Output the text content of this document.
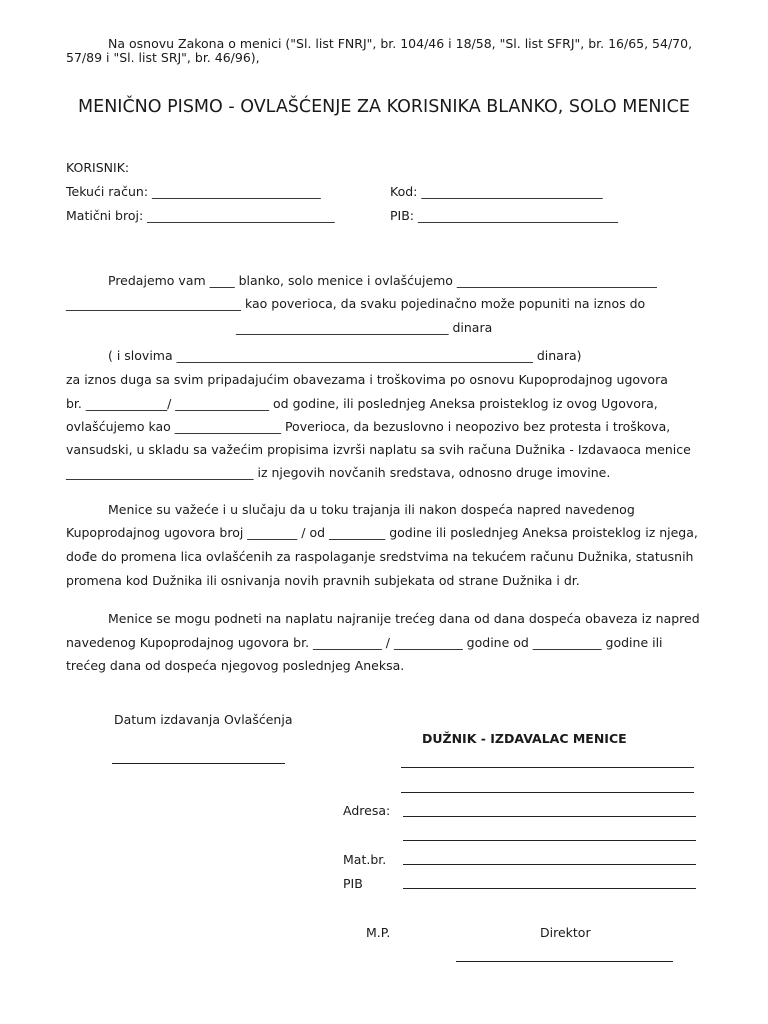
Na osnovu Zakona o menici ("Sl. list FNRJ", br. 104/46 i 18/58, "Sl. list SFRJ", br. 16/65, 54/70,
57/89 i "Sl. list SRJ", br. 46/96),
MENIČNO PISMO - OVLAŠĆENJE ZA KORISNIKA BLANKO, SOLO MENICE
KORISNIK:
Tekući račun: ___________________________	Kod: _____________________________
Matični broj: ______________________________	PIB: ________________________________
Predajemo vam ____ blanko, solo menice i ovlašćujemo ________________________________
____________________________ kao poverioca, da svaku pojedinačno može popuniti na iznos do
__________________________________ dinara
( i slovima _________________________________________________________ dinara)
za iznos duga sa svim pripadajućim obavezama i troškovima po osnovu Kupoprodajnog ugovora
br. _____________/ _______________ od godine, ili poslednjeg Aneksa proisteklog iz ovog Ugovora,
ovlašćujemo kao _________________ Poverioca, da bezuslovno i neopozivo bez protesta i troškova,
vansudski, u skladu sa važećim propisima izvrši naplatu sa svih računa Dužnika - Izdavaoca menice
______________________________ iz njegovih novčanih sredstava, odnosno druge imovine.
Menice su važeće i u slučaju da u toku trajanja ili nakon dospeća napred navedenog
Kupoprodajnog ugovora broj ________ / od _________ godine ili poslednjeg Aneksa proisteklog iz njega,
dođe do promena lica ovlašćenih za raspolaganje sredstvima na tekućem računu Dužnika, statusnih
promena kod Dužnika ili osnivanja novih pravnih subjekata od strane Dužnika i dr.
Menice se mogu podneti na naplatu najranije trećeg dana od dana dospeća obaveza iz napred
navedenog Kupoprodajnog ugovora br. ___________ / ___________ godine od ___________ godine ili
trećeg dana od dospeća njegovog poslednjeg Aneksa.
Datum izdavanja Ovlašćenja
DUŽNIK - IZDAVALAC MENICE
Adresa:
Mat.br.
PIB
M.P.	Direktor
